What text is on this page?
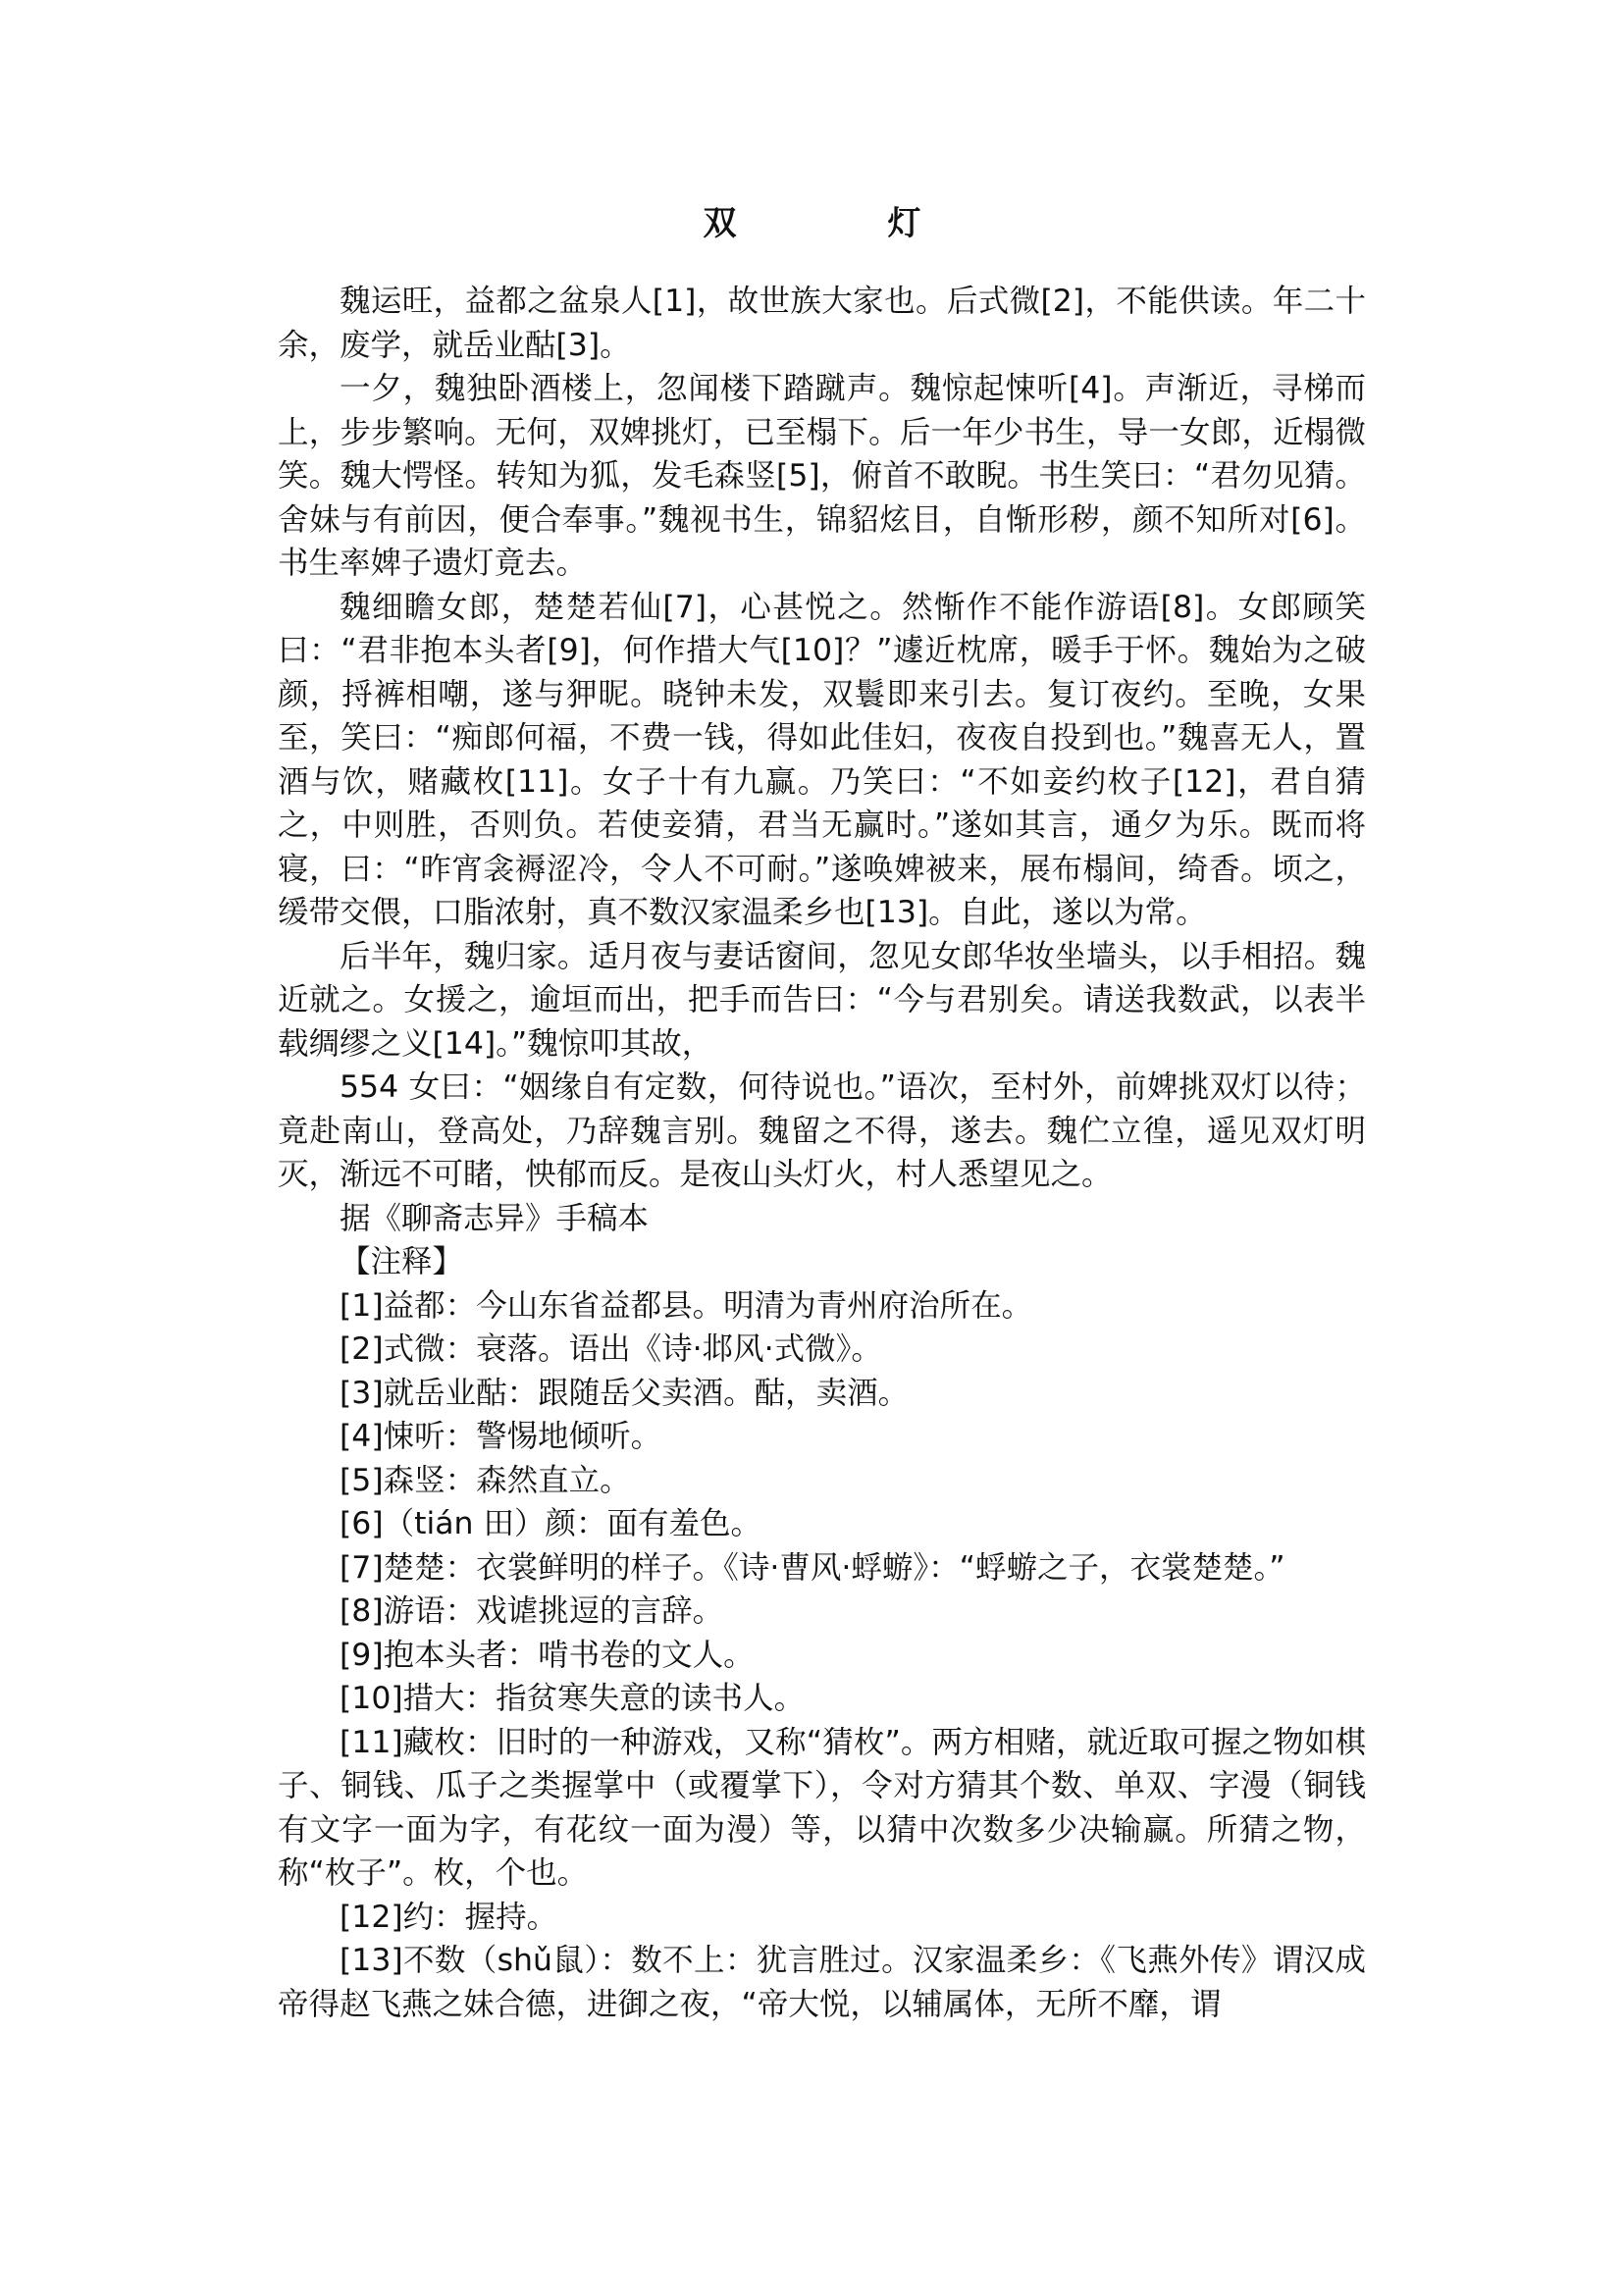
双　灯

魏运旺，益都之盆泉人[1]，故世族大家也。后式微[2]，不能供读。年二十余，废学，就岳业酤[3]。

一夕，魏独卧酒楼上，忽闻楼下踏蹴声。魏惊起悚听[4]。声渐近，寻梯而上，步步繁响。无何，双婢挑灯，已至榻下。后一年少书生，导一女郎，近榻微笑。魏大愕怪。转知为狐，发毛森竖[5]，俯首不敢睨。书生笑曰：“君勿见猜。舍妹与有前因，便合奉事。”魏视书生，锦貂炫目，自惭形秽，颜不知所对[6]。书生率婢子遗灯竟去。

魏细瞻女郎，楚楚若仙[7]，心甚悦之。然惭作不能作游语[8]。女郎顾笑曰：“君非抱本头者[9]，何作措大气[10]？”遽近枕席，暖手于怀。魏始为之破颜，捋裤相嘲，遂与狎昵。晓钟未发，双鬟即来引去。复订夜约。至晚，女果至，笑曰：“痴郎何福，不费一钱，得如此佳妇，夜夜自投到也。”魏喜无人，置酒与饮，赌藏枚[11]。女子十有九赢。乃笑曰：“不如妾约枚子[12]，君自猜之，中则胜，否则负。若使妾猜，君当无赢时。”遂如其言，通夕为乐。既而将寝，曰：“昨宵衾褥涩冷，令人不可耐。”遂唤婢被来，展布榻间，绮香。顷之，缓带交偎，口脂浓射，真不数汉家温柔乡也[13]。自此，遂以为常。

后半年，魏归家。适月夜与妻话窗间，忽见女郎华妆坐墙头，以手相招。魏近就之。女援之，逾垣而出，把手而告曰：“今与君别矣。请送我数武，以表半载绸缪之义[14]。”魏惊叩其故，

554 女曰：“姻缘自有定数，何待说也。”语次，至村外，前婢挑双灯以待；竟赴南山，登高处，乃辞魏言别。魏留之不得，遂去。魏伫立徨，遥见双灯明灭，渐远不可睹，怏郁而反。是夜山头灯火，村人悉望见之。

据《聊斋志异》手稿本

【注释】

[1]益都：今山东省益都县。明清为青州府治所在。

[2]式微：衰落。语出《诗·邶风·式微》。

[3]就岳业酤：跟随岳父卖酒。酤，卖酒。

[4]悚听：警惕地倾听。

[5]森竖：森然直立。

[6]（tián 田）颜：面有羞色。

[7]楚楚：衣裳鲜明的样子。《诗·曹风·蜉蝣》：“蜉蝣之子，衣裳楚楚。”

[8]游语：戏谑挑逗的言辞。

[9]抱本头者：啃书卷的文人。

[10]措大：指贫寒失意的读书人。

[11]藏枚：旧时的一种游戏，又称“猜枚”。两方相赌，就近取可握之物如棋子、铜钱、瓜子之类握掌中（或覆掌下），令对方猜其个数、单双、字漫（铜钱有文字一面为字，有花纹一面为漫）等，以猜中次数多少决输赢。所猜之物，称“枚子”。枚，个也。

[12]约：握持。

[13]不数（shǔ鼠）：数不上：犹言胜过。汉家温柔乡：《飞燕外传》谓汉成帝得赵飞燕之妹合德，进御之夜，“帝大悦，以辅属体，无所不靡，谓
